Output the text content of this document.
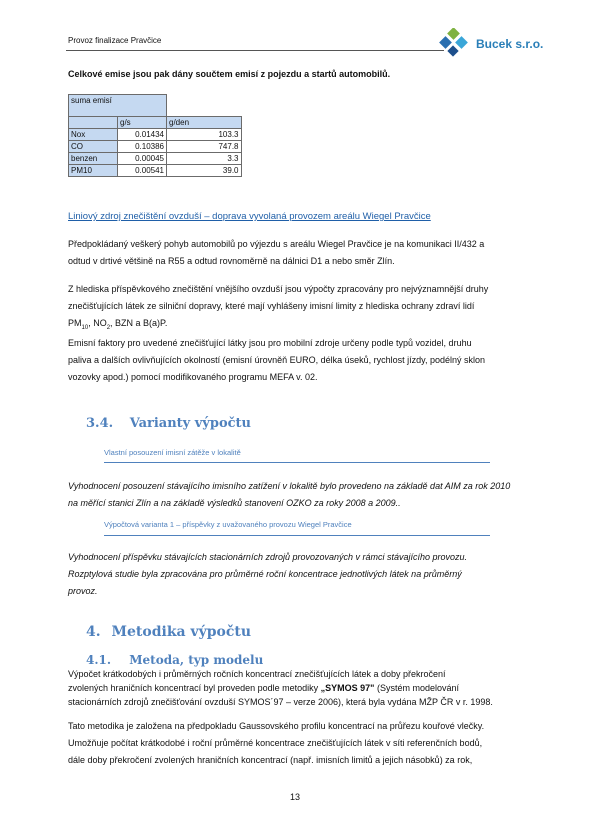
Provoz finalizace Pravčice	Bucek s.r.o.
Celkové emise jsou pak dány součtem emisí z pojezdu a startů automobilů.
suma emisí		
	g/s	g/den
Nox	0.01434	103.3
CO	0.10386	747.8
benzen	0.00045	3.3
PM10	0.00541	39.0
Liniový zdroj znečištění ovzduší – doprava vyvolaná provozem areálu Wiegel Pravčice
Předpokládaný veškerý pohyb automobilů po výjezdu s areálu Wiegel Pravčice je na komunikaci II/432 a
odtud v drtivé většině na R55 a odtud rovnoměrně na dálnici D1 a nebo směr Zlín.
Z hlediska příspěvkového znečištění vnějšího ovzduší jsou výpočty zpracovány pro nejvýznamnější druhy
znečišťujících látek ze silniční dopravy, které mají vyhlášeny imisní limity z hlediska ochrany zdraví lidí
$PM_{10}$, $NO_2$, BZN a B(a)P.
Emisní faktory pro uvedené znečišťující látky jsou pro mobilní zdroje určeny podle typů vozidel, druhu
paliva a dalších ovlivňujících okolností (emisní úrovněň EURO, délka úseků, rychlost jízdy, podélný sklon
vozovky apod.) pomocí modifikovaného programu MEFA v. 02.
3.4. Varianty výpočtu
Vlastní posouzení imisní zátěže v lokalitě
Vyhodnocení posouzení stávajícího imisního zatížení v lokalitě bylo provedeno na základě dat AIM za rok 2010
na měřící stanici Zlín a na základě výsledků stanovení OZKO za roky 2008 a 2009..
Výpočtová varianta 1 – příspěvky z uvažovaného provozu Wiegel Pravčice
Vyhodnocení příspěvku stávajících stacionárních zdrojů provozovaných v rámci stávajícího provozu.
Rozptylová studie byla zpracována pro průměrné roční koncentrace jednotlivých látek na průměrný
provoz.
4. Metodika výpočtu
4.1. Metoda, typ modelu
Výpočet krátkodobých i průměrných ročních koncentrací znečišťujících látek a doby překročení
zvolených hraničních koncentrací byl proveden podle metodiky „SYMOS 97" (Systém modelování
stacionárních zdrojů znečišťování ovzduší SYMOS´97 – verze 2006), která byla vydána MŽP ČR v r. 1998.
Tato metodika je založena na předpokladu Gaussovského profilu koncentrací na průřezu kouřové vlečky.
Umožňuje počítat krátkodobé i roční průměrné koncentrace znečišťujících látek v síti referenčních bodů,
dále doby překročení zvolených hraničních koncentrací (např. imisních limitů a jejich násobků) za rok,
13
